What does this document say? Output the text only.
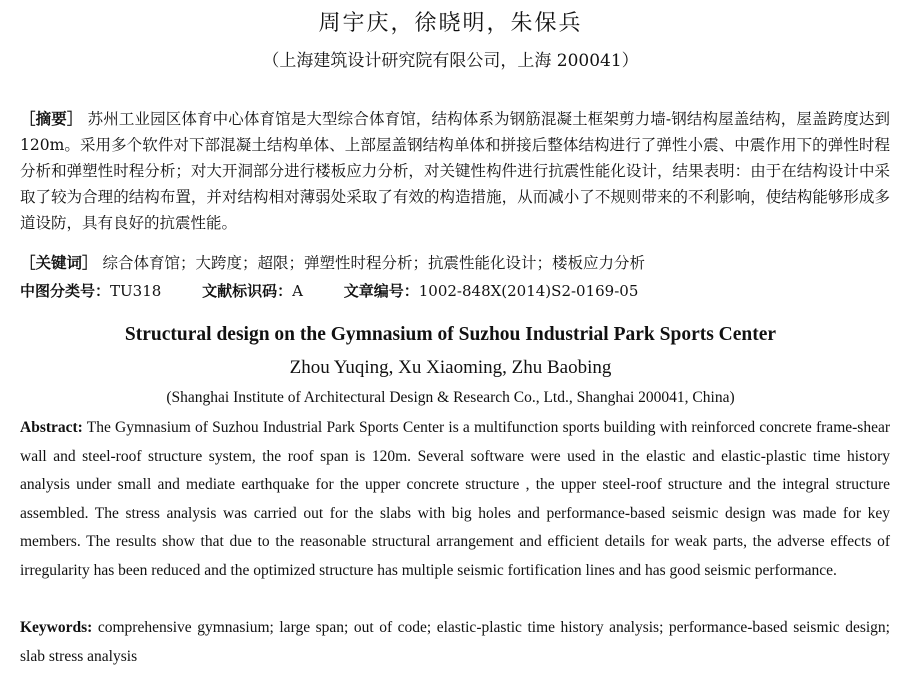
周宇庆，徐晓明，朱保兵
（上海建筑设计研究院有限公司，上海 200041）
［摘要］ 苏州工业园区体育中心体育馆是大型综合体育馆，结构体系为钢筋混凝土框架剪力墙-钢结构屋盖结构，屋盖跨度达到120m。采用多个软件对下部混凝土结构单体、上部屋盖钢结构单体和拼接后整体结构进行了弹性小震、中震作用下的弹性时程分析和弹塑性时程分析；对大开洞部分进行楼板应力分析，对关键性构件进行抗震性能化设计，结果表明：由于在结构设计中采取了较为合理的结构布置，并对结构相对薄弱处采取了有效的构造措施，从而减小了不规则带来的不利影响，使结构能够形成多道设防，具有良好的抗震性能。
［关键词］ 综合体育馆；大跨度；超限；弹塑性时程分析；抗震性能化设计；楼板应力分析
中图分类号：TU318	文献标识码：A	文章编号：1002-848X(2014)S2-0169-05
Structural design on the Gymnasium of Suzhou Industrial Park Sports Center
Zhou Yuqing, Xu Xiaoming, Zhu Baobing
(Shanghai Institute of Architectural Design & Research Co., Ltd., Shanghai 200041, China)
Abstract: The Gymnasium of Suzhou Industrial Park Sports Center is a multifunction sports building with reinforced concrete frame-shear wall and steel-roof structure system, the roof span is 120m. Several software were used in the elastic and elastic-plastic time history analysis under small and mediate earthquake for the upper concrete structure , the upper steel-roof structure and the integral structure assembled. The stress analysis was carried out for the slabs with big holes and performance-based seismic design was made for key members. The results show that due to the reasonable structural arrangement and efficient details for weak parts, the adverse effects of irregularity has been reduced and the optimized structure has multiple seismic fortification lines and has good seismic performance.
Keywords: comprehensive gymnasium; large span; out of code; elastic-plastic time history analysis; performance-based seismic design; slab stress analysis
